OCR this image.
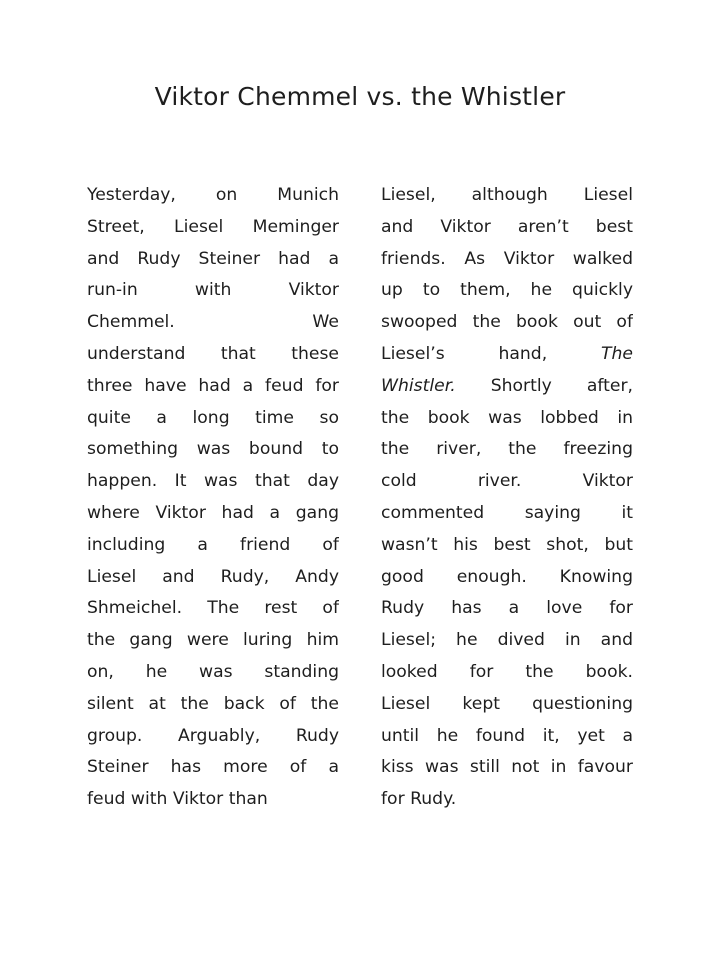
Viktor Chemmel vs. the Whistler
Yesterday, on Munich
Street, Liesel Meminger
and Rudy Steiner had a
run-in with Viktor
Chemmel. We
understand that these
three have had a feud for
quite a long time so
something was bound to
happen. It was that day
where Viktor had a gang
including a friend of
Liesel and Rudy, Andy
Shmeichel. The rest of
the gang were luring him
on, he was standing
silent at the back of the
group. Arguably, Rudy
Steiner has more of a
feud with Viktor than
Liesel, although Liesel
and Viktor aren’t best
friends. As Viktor walked
up to them, he quickly
swooped the book out of
Liesel’s hand,	The
Whistler. Shortly after,
the book was lobbed in
the river, the freezing
cold river. Viktor
commented saying it
wasn’t his best shot, but
good enough. Knowing
Rudy has a love for
Liesel; he dived in and
looked for the book.
Liesel kept questioning
until he found it, yet a
kiss was still not in favour
for Rudy.
